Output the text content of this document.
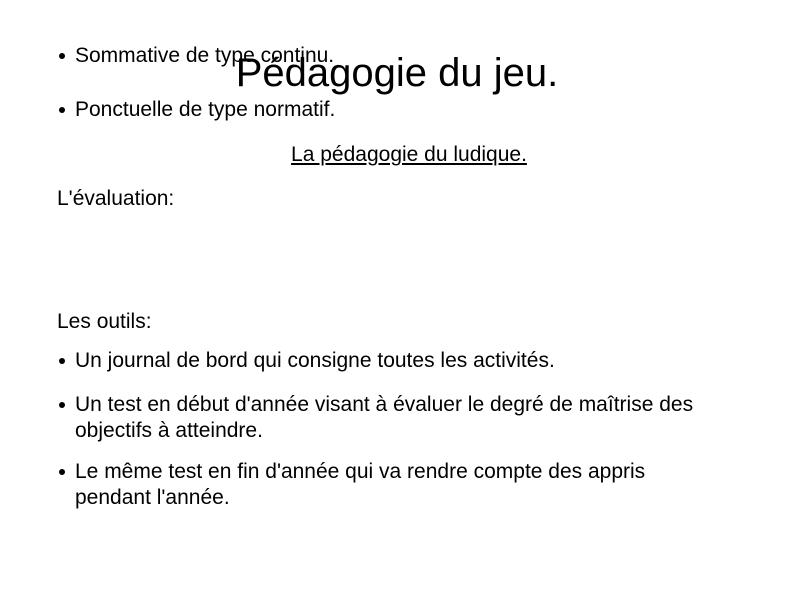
Pédagogie du jeu.
La pédagogie du ludique.
L'évaluation:
Sommative de type continu.
Ponctuelle de type normatif.
Les outils:
Un journal de bord qui consigne toutes les activités.
Un test en début d'année visant à évaluer le degré de maîtrise des objectifs à atteindre.
Le même test en fin d'année qui va rendre compte des appris pendant l'année.
